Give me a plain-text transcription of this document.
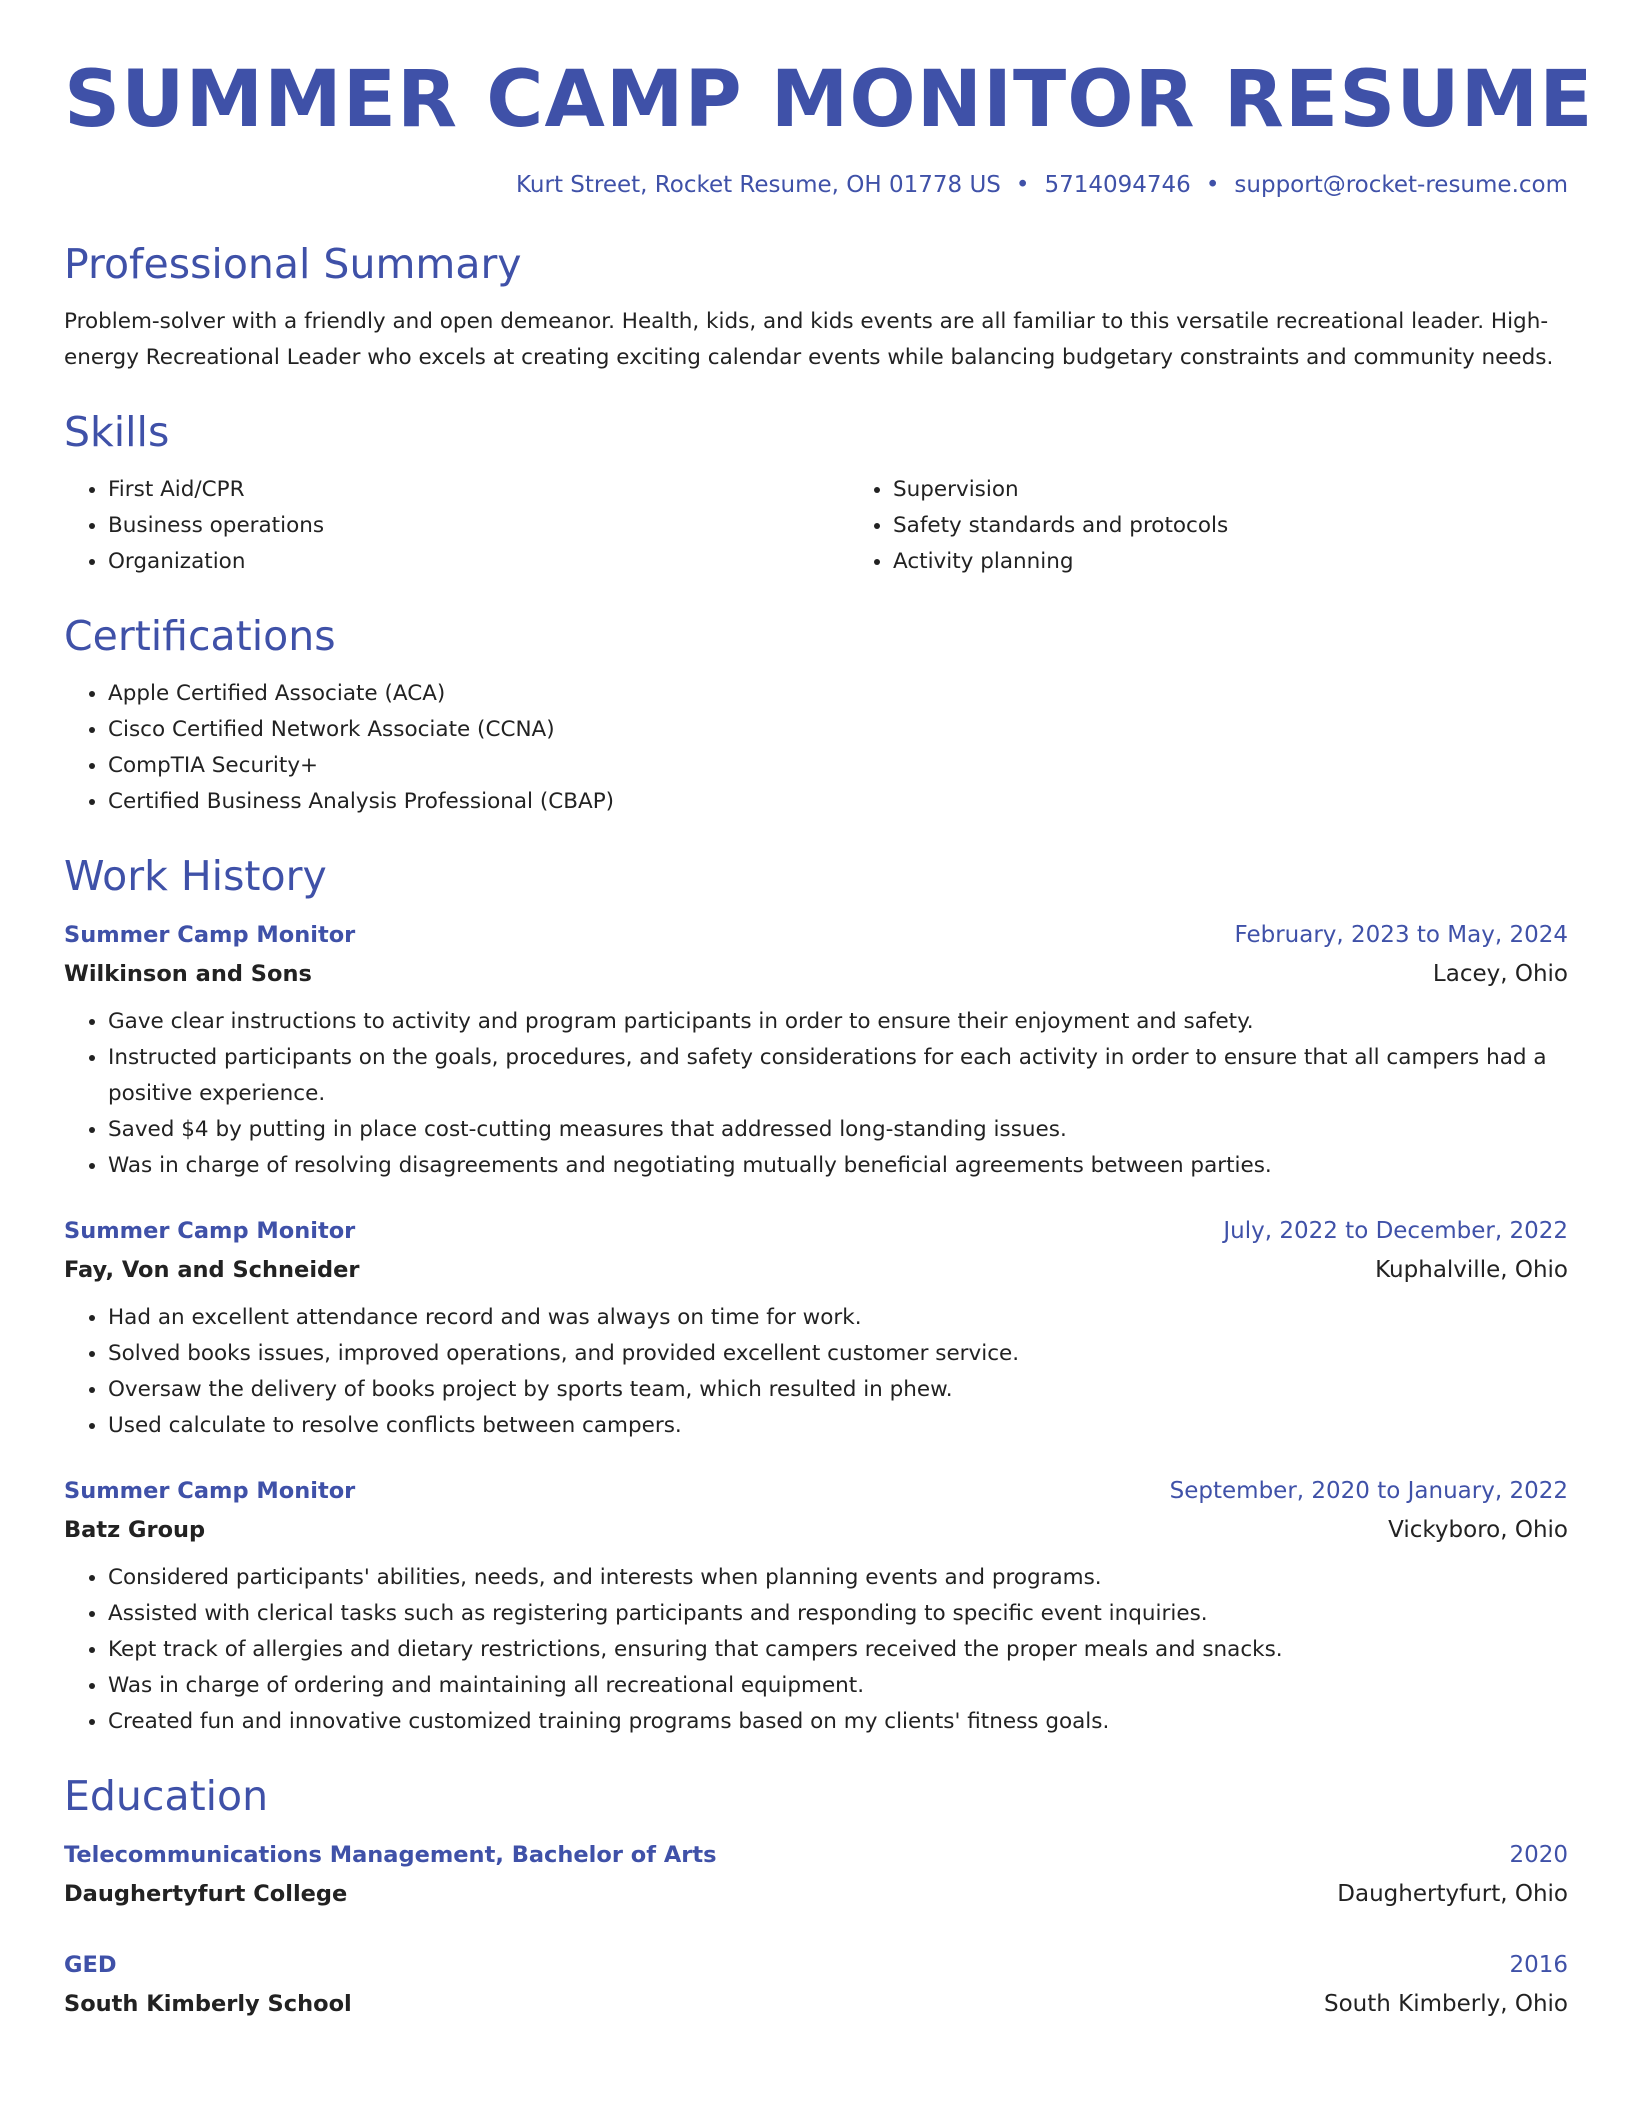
SUMMER CAMP MONITOR RESUME
Kurt Street, Rocket Resume, OH 01778 US • 5714094746 • support@rocket-resume.com
Professional Summary

Problem-solver with a friendly and open demeanor. Health, kids, and kids events are all familiar to this versatile recreational leader. High-energy Recreational Leader who excels at creating exciting calendar events while balancing budgetary constraints and community needs.

Skills
• First Aid/CPR
• Business operations
• Organization
• Supervision
• Safety standards and protocols
• Activity planning
Certifications
• Apple Certified Associate (ACA)
• Cisco Certified Network Associate (CCNA)
• CompTIA Security+
• Certified Business Analysis Professional (CBAP)
Work History
Summer Camp Monitor	February, 2023 to May, 2024
Wilkinson and Sons	Lacey, Ohio
• Gave clear instructions to activity and program participants in order to ensure their enjoyment and safety.
• Instructed participants on the goals, procedures, and safety considerations for each activity in order to ensure that all campers had a positive experience.
• Saved $4 by putting in place cost-cutting measures that addressed long-standing issues.
• Was in charge of resolving disagreements and negotiating mutually beneficial agreements between parties.
Summer Camp Monitor	July, 2022 to December, 2022
Fay, Von and Schneider	Kuphalville, Ohio
• Had an excellent attendance record and was always on time for work.
• Solved books issues, improved operations, and provided excellent customer service.
• Oversaw the delivery of books project by sports team, which resulted in phew.
• Used calculate to resolve conflicts between campers.
Summer Camp Monitor	September, 2020 to January, 2022
Batz Group	Vickyboro, Ohio
• Considered participants' abilities, needs, and interests when planning events and programs.
• Assisted with clerical tasks such as registering participants and responding to specific event inquiries.
• Kept track of allergies and dietary restrictions, ensuring that campers received the proper meals and snacks.
• Was in charge of ordering and maintaining all recreational equipment.
• Created fun and innovative customized training programs based on my clients' fitness goals.
Education
Telecommunications Management, Bachelor of Arts	2020
Daughertyfurt College	Daughertyfurt, Ohio
GED	2016
South Kimberly School	South Kimberly, Ohio
